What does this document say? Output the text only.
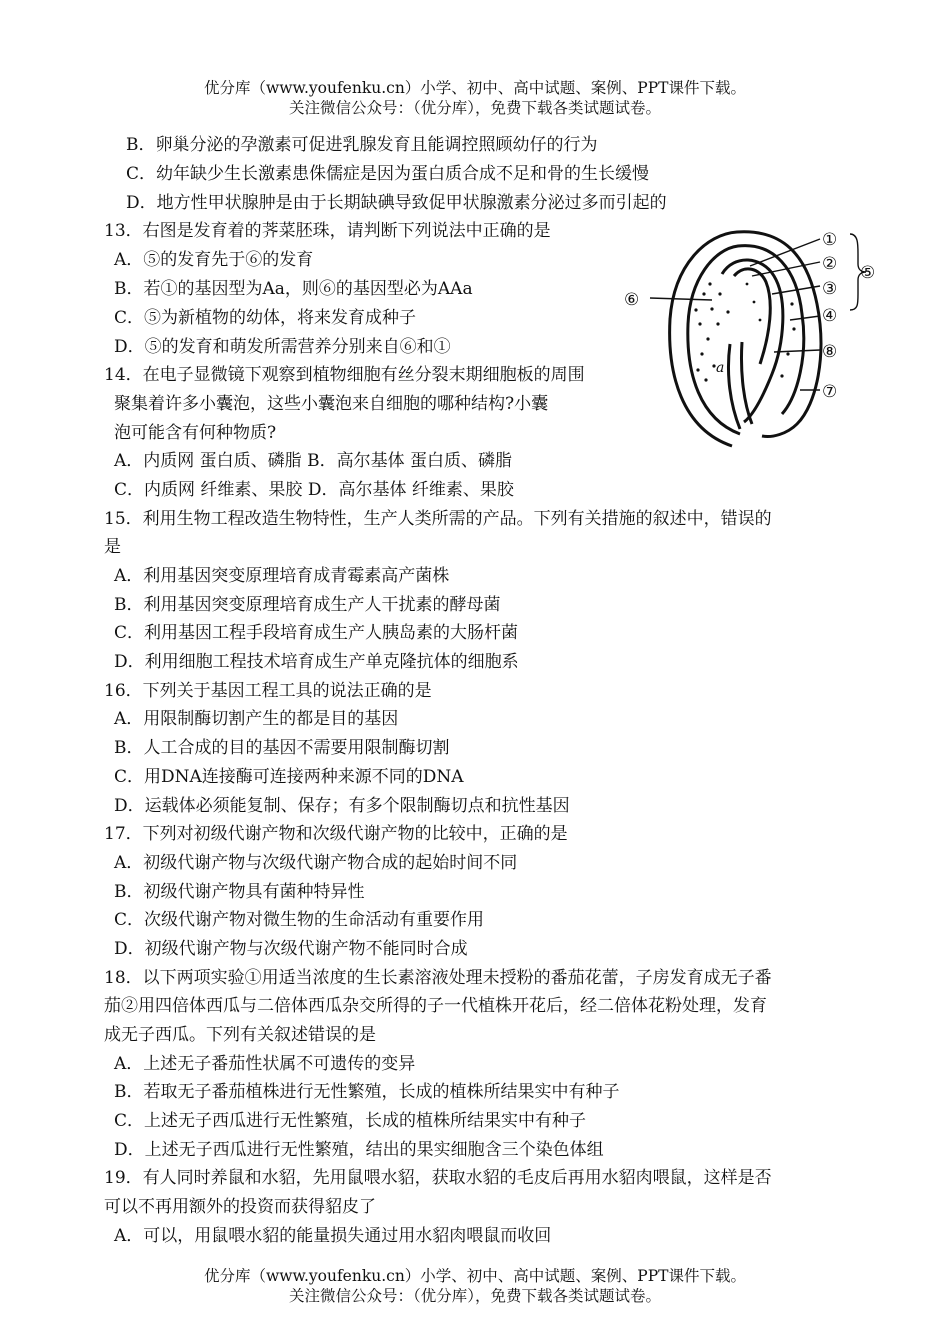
优分库（www.youfenku.cn）小学、初中、高中试题、案例、PPT课件下载。
关注微信公众号：（优分库），免费下载各类试题试卷。
B．卵巢分泌的孕激素可促进乳腺发育且能调控照顾幼仔的行为
C．幼年缺少生长激素患侏儒症是因为蛋白质合成不足和骨的生长缓慢
D．地方性甲状腺肿是由于长期缺碘导致促甲状腺激素分泌过多而引起的
13．右图是发育着的荠菜胚珠，请判断下列说法中正确的是
A．⑤的发育先于⑥的发育
B．若①的基因型为Aa，则⑥的基因型必为AAa
C．⑤为新植物的幼体，将来发育成种子
D．⑤的发育和萌发所需营养分别来自⑥和①
14．在电子显微镜下观察到植物细胞有丝分裂末期细胞板的周围
聚集着许多小囊泡，这些小囊泡来自细胞的哪种结构?小囊
泡可能含有何种物质?
A．内质网 蛋白质、磷脂 B．高尔基体 蛋白质、磷脂
C．内质网 纤维素、果胶 D．高尔基体 纤维素、果胶
15．利用生物工程改造生物特性，生产人类所需的产品。下列有关措施的叙述中，错误的
是
A．利用基因突变原理培育成青霉素高产菌株
B．利用基因突变原理培育成生产人干扰素的酵母菌
C．利用基因工程手段培育成生产人胰岛素的大肠杆菌
D．利用细胞工程技术培育成生产单克隆抗体的细胞系
16．下列关于基因工程工具的说法正确的是
A．用限制酶切割产生的都是目的基因
B．人工合成的目的基因不需要用限制酶切割
C．用DNA连接酶可连接两种来源不同的DNA
D．运载体必须能复制、保存；有多个限制酶切点和抗性基因
17．下列对初级代谢产物和次级代谢产物的比较中，正确的是
A．初级代谢产物与次级代谢产物合成的起始时间不同
B．初级代谢产物具有菌种特异性
C．次级代谢产物对微生物的生命活动有重要作用
D．初级代谢产物与次级代谢产物不能同时合成
18．以下两项实验①用适当浓度的生长素溶液处理未授粉的番茄花蕾，子房发育成无子番
茄②用四倍体西瓜与二倍体西瓜杂交所得的子一代植株开花后，经二倍体花粉处理，发育
成无子西瓜。下列有关叙述错误的是
A．上述无子番茄性状属不可遗传的变异
B．若取无子番茄植株进行无性繁殖，长成的植株所结果实中有种子
C．上述无子西瓜进行无性繁殖，长成的植株所结果实中有种子
D．上述无子西瓜进行无性繁殖，结出的果实细胞含三个染色体组
19．有人同时养鼠和水貂，先用鼠喂水貂，获取水貂的毛皮后再用水貂肉喂鼠，这样是否
可以不再用额外的投资而获得貂皮了
A．可以，用鼠喂水貂的能量损失通过用水貂肉喂鼠而收回
①
②
③
④
⑤
⑥
⑦
⑧
a
优分库（www.youfenku.cn）小学、初中、高中试题、案例、PPT课件下载。
关注微信公众号：（优分库），免费下载各类试题试卷。
